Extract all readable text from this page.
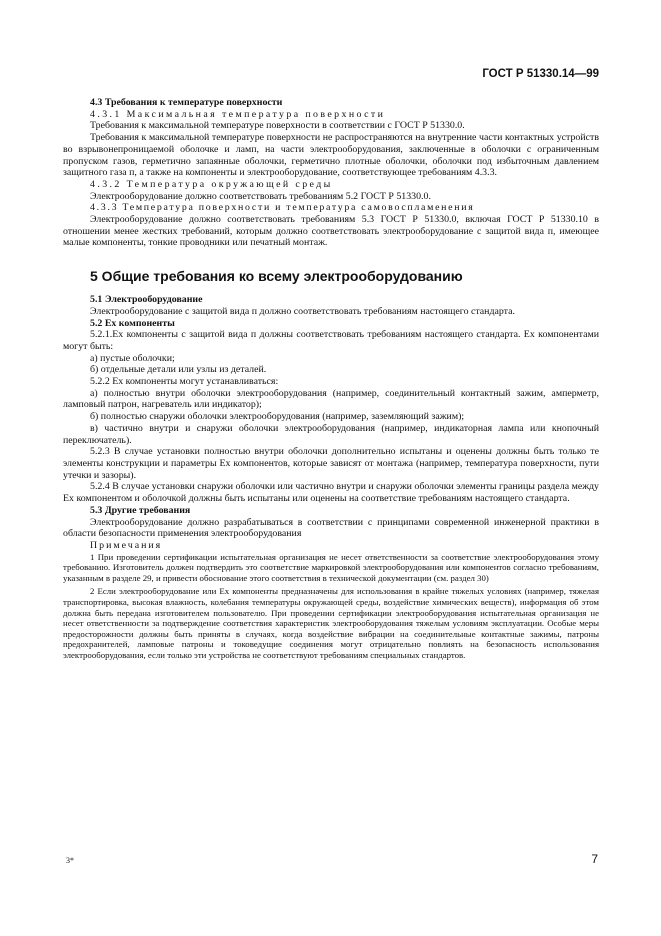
ГОСТ Р 51330.14—99

4.3 Требования к температуре поверхности

4.3.1 Максимальная температура поверхности

Требования к максимальной температуре поверхности в соответствии с ГОСТ Р 51330.0.

Требования к максимальной температуре поверхности не распространяются на внутренние части контактных устройств во взрывонепроницаемой оболочке и ламп, на части электрооборудования, заключенные в оболочки с ограниченным пропуском газов, герметично запаянные оболочки, герметично плотные оболочки, оболочки под избыточным давлением защитного газа п, а также на компоненты и электрооборудование, соответствующее требованиям 4.3.3.

4.3.2 Температура окружающей среды

Электрооборудование должно соответствовать требованиям 5.2 ГОСТ Р 51330.0.

4.3.3 Температура поверхности и температура самовоспламенения

Электрооборудование должно соответствовать требованиям 5.3 ГОСТ Р 51330.0, включая ГОСТ Р 51330.10 в отношении менее жестких требований, которым должно соответствовать электрооборудование с защитой вида п, имеющее малые компоненты, тонкие проводники или печатный монтаж.

5 Общие требования ко всему электрооборудованию

5.1 Электрооборудование

Электрооборудование с защитой вида п должно соответствовать требованиям настоящего стандарта.

5.2 Ех компоненты

5.2.1.Ех компоненты с защитой вида п должны соответствовать требованиям настоящего стандарта. Ех компонентами могут быть:

а) пустые оболочки;

б) отдельные детали или узлы из деталей.

5.2.2 Ех компоненты могут устанавливаться:

а) полностью внутри оболочки электрооборудования (например, соединительный контактный зажим, амперметр, ламповый патрон, нагреватель или индикатор);

б) полностью снаружи оболочки электрооборудования (например, заземляющий зажим);

в) частично внутри и снаружи оболочки электрооборудования (например, индикаторная лампа или кнопочный переключатель).

5.2.3 В случае установки полностью внутри оболочки дополнительно испытаны и оценены должны быть только те элементы конструкции и параметры Ех компонентов, которые зависят от монтажа (например, температура поверхности, пути утечки и зазоры).

5.2.4 В случае установки снаружи оболочки или частично внутри и снаружи оболочки элементы границы раздела между Ех компонентом и оболочкой должны быть испытаны или оценены на соответствие требованиям настоящего стандарта.

5.3 Другие требования

Электрооборудование должно разрабатываться в соответствии с принципами современной инженерной практики в области безопасности применения электрооборудования

Примечания

1 При проведении сертификации испытательная организация не несет ответственности за соответствие электрооборудования этому требованию. Изготовитель должен подтвердить это соответствие маркировкой электрооборудования или компонентов согласно требованиям, указанным в разделе 29, и привести обоснование этого соответствия в технической документации (см. раздел 30)

2 Если электрооборудование или Ех компоненты предназначены для использования в крайне тяжелых условиях (например, тяжелая транспортировка, высокая влажность, колебания температуры окружающей среды, воздействие химических веществ), информация об этом должна быть передана изготовителем пользователю. При проведении сертификации электрооборудования испытательная организация не несет ответственности за подтверждение соответствия характеристик электрооборудования тяжелым условиям эксплуатации. Особые меры предосторожности должны быть приняты в случаях, когда воздействие вибрации на соединительные контактные зажимы, патроны предохранителей, ламповые патроны и токоведущие соединения могут отрицательно повлиять на безопасность использования электрооборудования, если только эти устройства не соответствуют требованиям специальных стандартов.

3*	7
